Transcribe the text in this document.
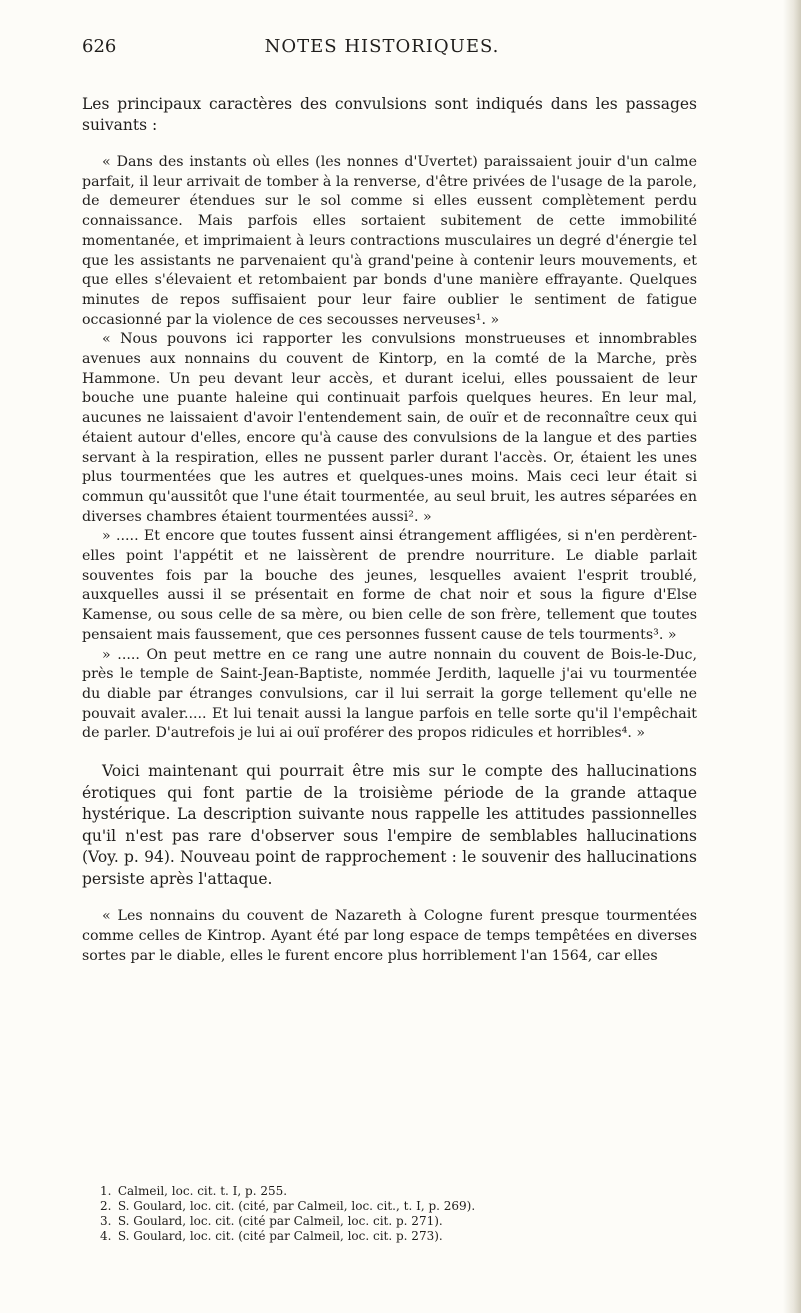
626	NOTES HISTORIQUES.

Les principaux caractères des convulsions sont indiqués dans les passages suivants :

« Dans des instants où elles (les nonnes d'Uvertet) paraissaient jouir d'un calme parfait, il leur arrivait de tomber à la renverse, d'être privées de l'usage de la parole, de demeurer étendues sur le sol comme si elles eussent complètement perdu connaissance. Mais parfois elles sortaient subitement de cette immobilité momentanée, et imprimaient à leurs contractions musculaires un degré d'énergie tel que les assistants ne parvenaient qu'à grand'peine à contenir leurs mouvements, et que elles s'élevaient et retombaient par bonds d'une manière effrayante. Quelques minutes de repos suffisaient pour leur faire oublier le sentiment de fatigue occasionné par la violence de ces secousses nerveuses¹. »

« Nous pouvons ici rapporter les convulsions monstrueuses et innombrables avenues aux nonnains du couvent de Kintorp, en la comté de la Marche, près Hammone. Un peu devant leur accès, et durant icelui, elles poussaient de leur bouche une puante haleine qui continuait parfois quelques heures. En leur mal, aucunes ne laissaient d'avoir l'entendement sain, de ouïr et de reconnaître ceux qui étaient autour d'elles, encore qu'à cause des convulsions de la langue et des parties servant à la respiration, elles ne pussent parler durant l'accès. Or, étaient les unes plus tourmentées que les autres et quelques-unes moins. Mais ceci leur était si commun qu'aussitôt que l'une était tourmentée, au seul bruit, les autres séparées en diverses chambres étaient tourmentées aussi². »

» ..... Et encore que toutes fussent ainsi étrangement affligées, si n'en perdèrent-elles point l'appétit et ne laissèrent de prendre nourriture. Le diable parlait souventes fois par la bouche des jeunes, lesquelles avaient l'esprit troublé, auxquelles aussi il se présentait en forme de chat noir et sous la figure d'Else Kamense, ou sous celle de sa mère, ou bien celle de son frère, tellement que toutes pensaient mais faussement, que ces personnes fussent cause de tels tourments³. »

» ..... On peut mettre en ce rang une autre nonnain du couvent de Bois-le-Duc, près le temple de Saint-Jean-Baptiste, nommée Jerdith, laquelle j'ai vu tourmentée du diable par étranges convulsions, car il lui serrait la gorge tellement qu'elle ne pouvait avaler..... Et lui tenait aussi la langue parfois en telle sorte qu'il l'empêchait de parler. D'autrefois je lui ai ouï proférer des propos ridicules et horribles⁴. »

Voici maintenant qui pourrait être mis sur le compte des hallucinations érotiques qui font partie de la troisième période de la grande attaque hystérique. La description suivante nous rappelle les attitudes passionnelles qu'il n'est pas rare d'observer sous l'empire de semblables hallucinations (Voy. p. 94). Nouveau point de rapprochement : le souvenir des hallucinations persiste après l'attaque.

« Les nonnains du couvent de Nazareth à Cologne furent presque tourmentées comme celles de Kintrop. Ayant été par long espace de temps tempêtées en diverses sortes par le diable, elles le furent encore plus horriblement l'an 1564, car elles

1. Calmeil, loc. cit. t. I, p. 255.

2. S. Goulard, loc. cit. (cité, par Calmeil, loc. cit., t. I, p. 269).

3. S. Goulard, loc. cit. (cité par Calmeil, loc. cit. p. 271).

4. S. Goulard, loc. cit. (cité par Calmeil, loc. cit. p. 273).
